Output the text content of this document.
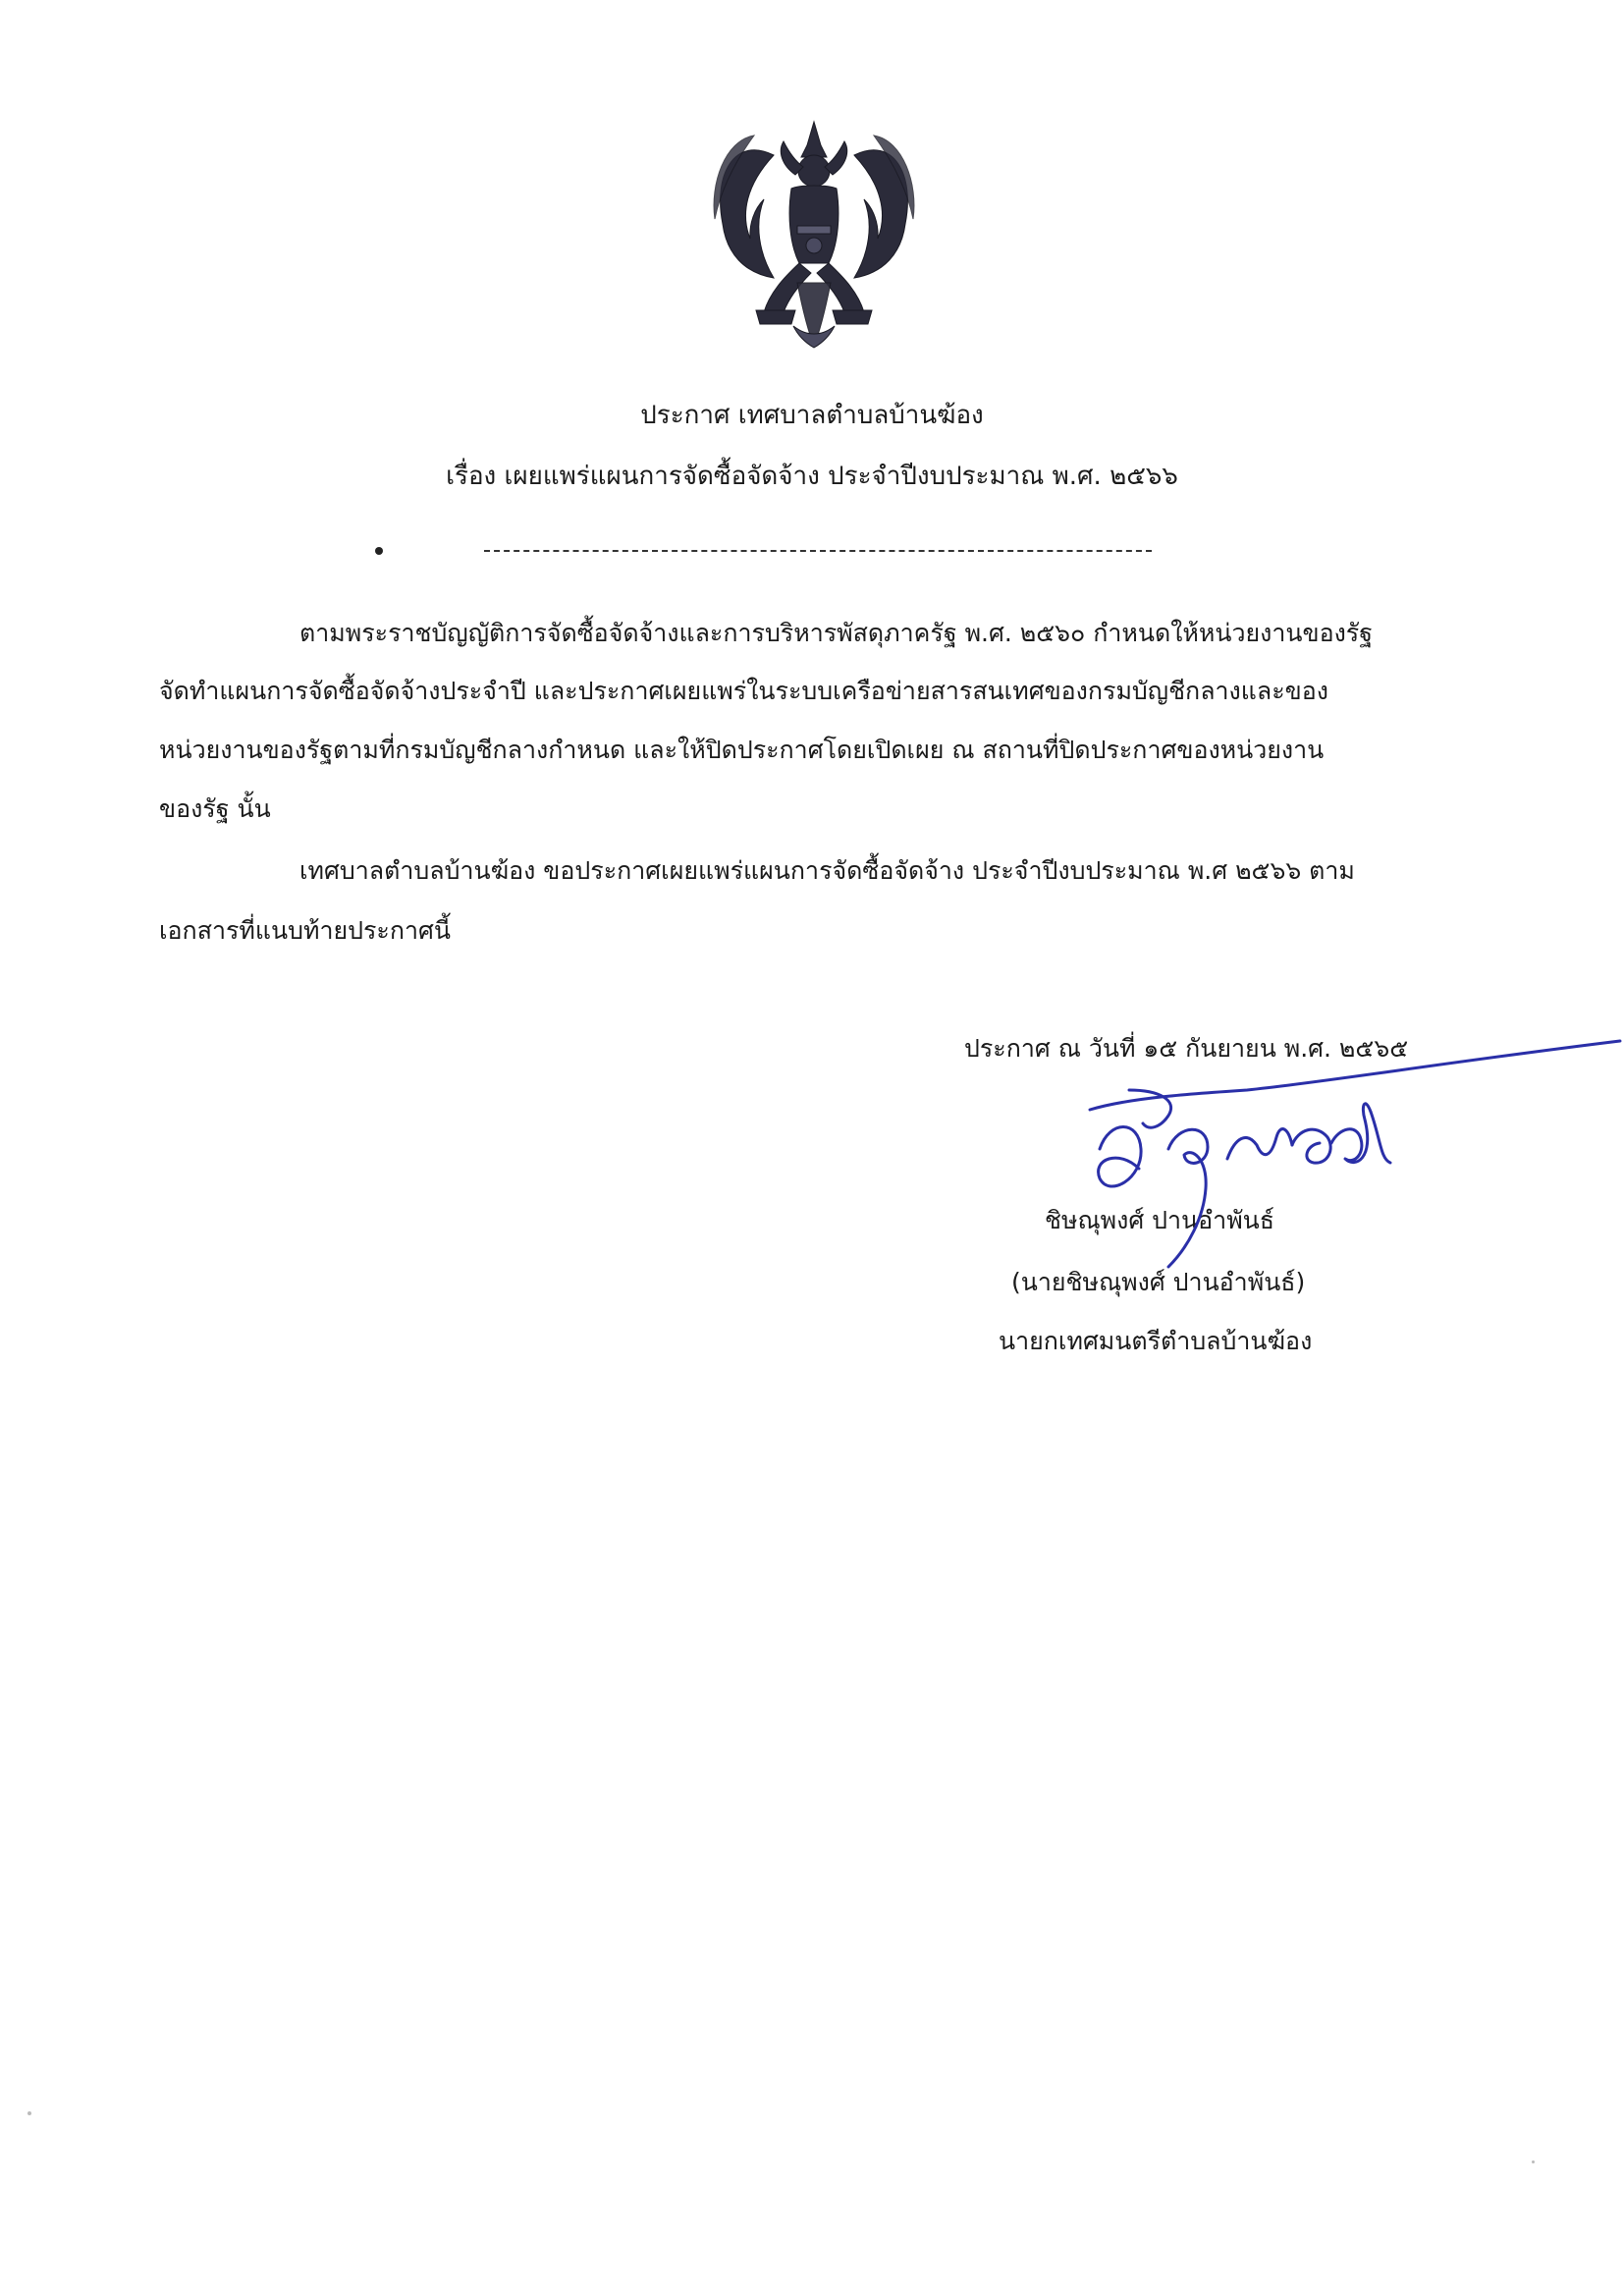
ประกาศ เทศบาลตำบลบ้านฆ้อง
เรื่อง เผยแพร่แผนการจัดซื้อจัดจ้าง ประจำปีงบประมาณ พ.ศ. ๒๕๖๖
ตามพระราชบัญญัติการจัดซื้อจัดจ้างและการบริหารพัสดุภาครัฐ พ.ศ. ๒๕๖๐ กำหนดให้หน่วยงานของรัฐ
จัดทำแผนการจัดซื้อจัดจ้างประจำปี และประกาศเผยแพร่ในระบบเครือข่ายสารสนเทศของกรมบัญชีกลางและของ
หน่วยงานของรัฐตามที่กรมบัญชีกลางกำหนด และให้ปิดประกาศโดยเปิดเผย ณ สถานที่ปิดประกาศของหน่วยงาน
ของรัฐ นั้น
เทศบาลตำบลบ้านฆ้อง ขอประกาศเผยแพร่แผนการจัดซื้อจัดจ้าง ประจำปีงบประมาณ พ.ศ ๒๕๖๖ ตาม
เอกสารที่แนบท้ายประกาศนี้
ประกาศ ณ วันที่ ๑๕ กันยายน พ.ศ. ๒๕๖๕
ชิษณุพงศ์ ปานอำพันธ์
(นายชิษณุพงศ์ ปานอำพันธ์)
นายกเทศมนตรีตำบลบ้านฆ้อง
